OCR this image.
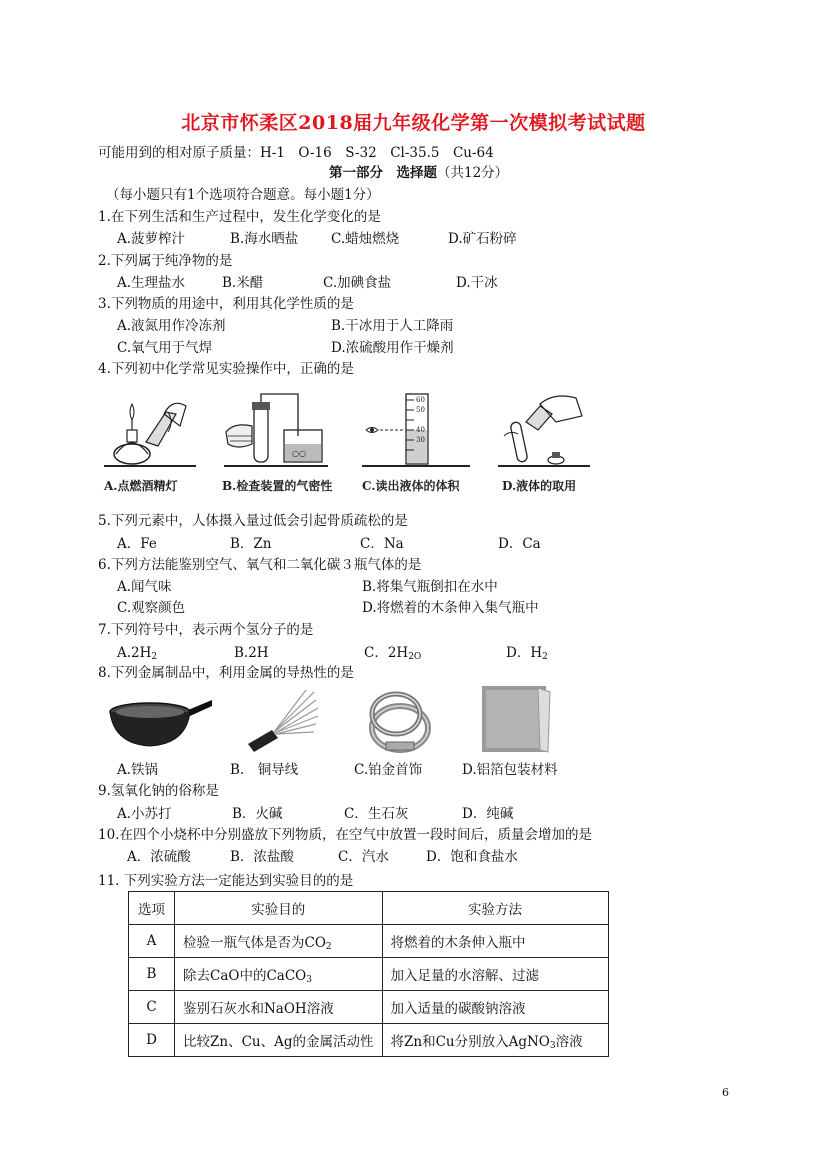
北京市怀柔区2018届九年级化学第一次模拟考试试题
可能用到的相对原子质量：H-1　O-16　S-32　Cl-35.5　Cu-64
第一部分　 选择题（共12分）
（每小题只有1个选项符合题意。每小题1分）
1.在下列生活和生产过程中，发生化学变化的是
A.菠萝榨汁	B.海水晒盐 C.蜡烛燃烧	D.矿石粉碎
2.下列属于纯净物的是
A.生理盐水	B.米醋	C.加碘食盐	D.干冰
3.下列物质的用途中，利用其化学性质的是
A.液氮用作冷冻剂	B.干冰用于人工降雨
C.氧气用于气焊	D.浓硫酸用作干燥剂
4.下列初中化学常见实验操作中，正确的是
○○
60
50
40
30
A.点燃酒精灯	B.检查装置的气密性 C.读出液体的体积	D.液体的取用
5.下列元素中，人体摄入量过低会引起骨质疏松的是
A．Fe	B．Zn	C．Na	D．Ca
6.下列方法能鉴别空气、氧气和二氧化碳３瓶气体的是
A.闻气味	B.将集气瓶倒扣在水中
C.观察颜色	D.将燃着的木条伸入集气瓶中
7.下列符号中，表示两个氢分子的是
$A.2H_2$	B.2H	C．$2H_{2O}$	D．$H_2$
8.下列金属制品中，利用金属的导热性的是
A.铁锅	B.　铜导线	C.铂金首饰	D.铝箔包装材料
9.氢氧化钠的俗称是
A.小苏打	B．火碱	C．生石灰	D．纯碱
10.在四个小烧杯中分别盛放下列物质，在空气中放置一段时间后，质量会增加的是
A．浓硫酸	B．浓盐酸	C．汽水	D．饱和食盐水
11. 下列实验方法一定能达到实验目的的是
选项	实验目的	实验方法
A	检验一瓶气体是否为$CO_2$	将燃着的木条伸入瓶中
B	除去CaO中的CaCO$_3$	加入足量的水溶解、过滤
C	鉴别石灰水和NaOH溶液	加入适量的碳酸钠溶液
D	比较Zn、Cu、Ag的金属活动性	将Zn和Cu分别放入AgNO$_3$溶液
6
